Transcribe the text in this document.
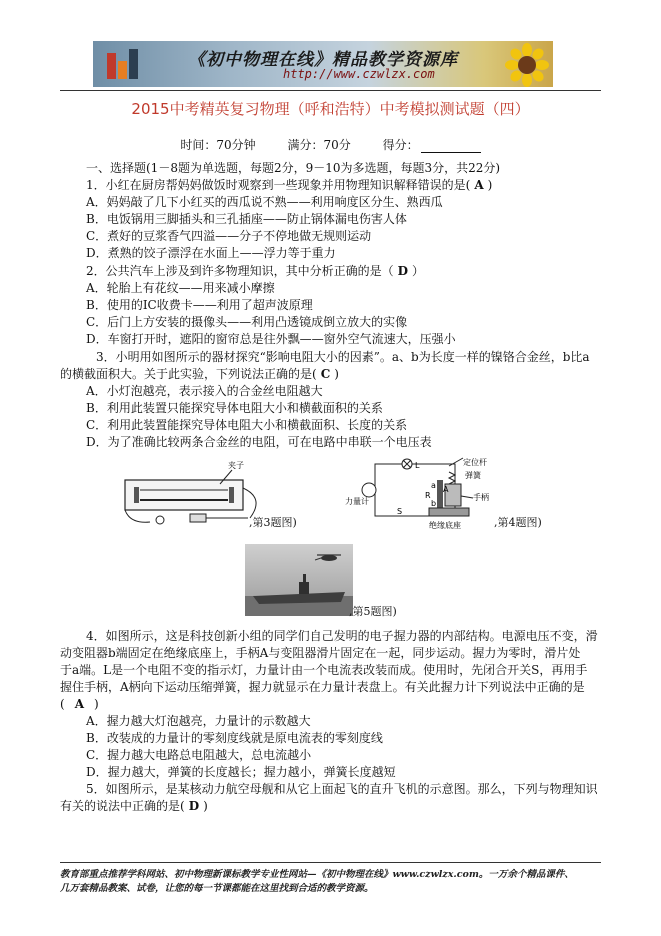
《初中物理在线》精品教学资源库
http://www.czwlzx.com
2015中考精英复习物理（呼和浩特）中考模拟测试题（四）
时间：70分钟	满分：70分	得分：
一、选择题(1－8题为单选题，每题2分，9－10为多选题，每题3分，共22分)
1．小红在厨房帮妈妈做饭时观察到一些现象并用物理知识解释错误的是( A )
A．妈妈敲了几下小红买的西瓜说不熟——利用响度区分生、熟西瓜
B．电饭锅用三脚插头和三孔插座——防止锅体漏电伤害人体
C．煮好的豆浆香气四溢——分子不停地做无规则运动
D．煮熟的饺子漂浮在水面上——浮力等于重力
2．公共汽车上涉及到许多物理知识，其中分析正确的是（ D ）
A．轮胎上有花纹——用来减小摩擦
B．使用的IC收费卡——利用了超声波原理
C．后门上方安装的摄像头——利用凸透镜成倒立放大的实像
D．车窗打开时，遮阳的窗帘总是往外飘——窗外空气流速大，压强小
3．小明用如图所示的器材探究“影响电阻大小的因素”。a、b为长度一样的镍铬合金丝，b比a
的横截面积大。关于此实验，下列说法正确的是( C )
A．小灯泡越亮，表示接入的合金丝电阻越大
B．利用此装置只能探究导体电阻大小和横截面积的关系
C．利用此装置能探究导体电阻大小和横截面积、长度的关系
D．为了准确比较两条合金丝的电阻，可在电路中串联一个电压表
夹子
,第3题图)
定位杆
弹簧
手柄
力量计
绝缘底座
L
S
A
a
b
R
,第4题图)
,第5题图)
4．如图所示，这是科技创新小组的同学们自己发明的电子握力器的内部结构。电源电压不变，滑
动变阻器b端固定在绝缘底座上，手柄A与变阻器滑片固定在一起，同步运动。握力为零时，滑片处
于a端。L是一个电阻不变的指示灯，力量计由一个电流表改装而成。使用时，先闭合开关S，再用手
握住手柄，A柄向下运动压缩弹簧，握力就显示在力量计表盘上。有关此握力计下列说法中正确的是
( A )
A．握力越大灯泡越亮，力量计的示数越大
B．改装成的力量计的零刻度线就是原电流表的零刻度线
C．握力越大电路总电阻越大，总电流越小
D．握力越大，弹簧的长度越长；握力越小，弹簧长度越短
5．如图所示，是某核动力航空母舰和从它上面起飞的直升飞机的示意图。那么，下列与物理知识
有关的说法中正确的是( D )
教育部重点推荐学科网站、初中物理新课标教学专业性网站—《初中物理在线》www.czwlzx.com。一万余个精品课件、
几万套精品教案、试卷，让您的每一节课都能在这里找到合适的教学资源。
